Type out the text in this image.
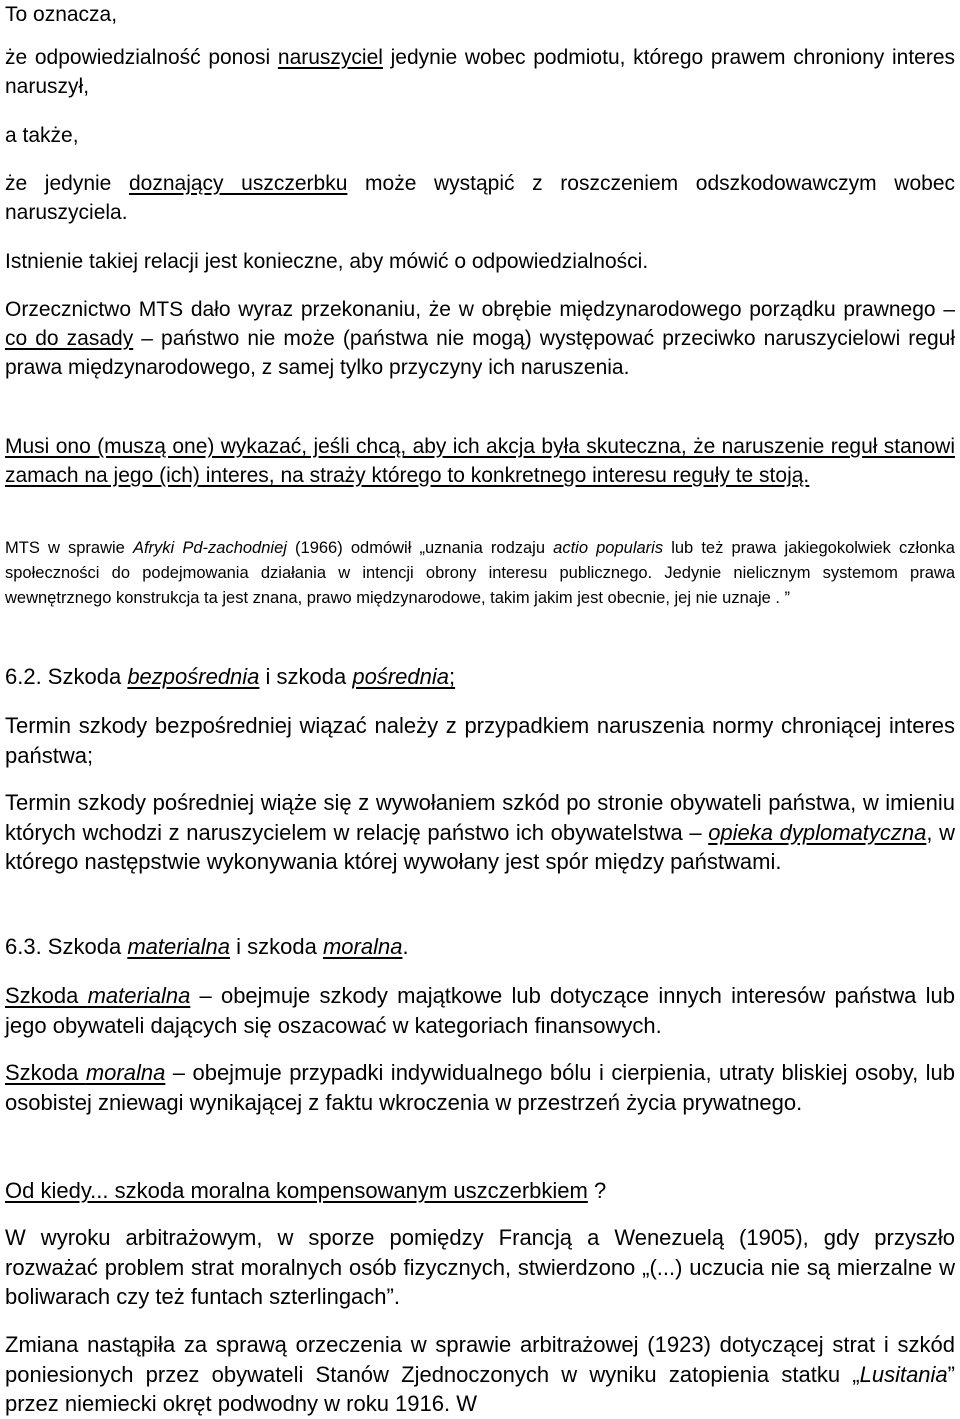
To oznacza,

że odpowiedzialność ponosi naruszyciel jedynie wobec podmiotu, którego prawem chroniony interes naruszył,

a także,

że jedynie doznający uszczerbku może wystąpić z roszczeniem odszkodowawczym wobec naruszyciela.

Istnienie takiej relacji jest konieczne, aby mówić o odpowiedzialności.

Orzecznictwo MTS dało wyraz przekonaniu, że w obrębie międzynarodowego porządku prawnego – co do zasady – państwo nie może (państwa nie mogą) występować przeciwko naruszycielowi reguł prawa międzynarodowego, z samej tylko przyczyny ich naruszenia.

Musi ono (muszą one) wykazać, jeśli chcą, aby ich akcja była skuteczna, że naruszenie reguł stanowi zamach na jego (ich) interes, na straży którego to konkretnego interesu reguły te stoją.

MTS w sprawie Afryki Pd-zachodniej (1966) odmówił „uznania rodzaju actio popularis lub też prawa jakiegokolwiek członka społeczności do podejmowania działania w intencji obrony interesu publicznego. Jedynie nielicznym systemom prawa wewnętrznego konstrukcja ta jest znana, prawo międzynarodowe, takim jakim jest obecnie, jej nie uznaje . ”

6.2. Szkoda bezpośrednia i szkoda pośrednia;

Termin szkody bezpośredniej wiązać należy z przypadkiem naruszenia normy chroniącej interes państwa;

Termin szkody pośredniej wiąże się z wywołaniem szkód po stronie obywateli państwa, w imieniu których wchodzi z naruszycielem w relację państwo ich obywatelstwa – opieka dyplomatyczna, w którego następstwie wykonywania której wywołany jest spór między państwami.

6.3. Szkoda materialna i szkoda moralna.

Szkoda materialna – obejmuje szkody majątkowe lub dotyczące innych interesów państwa lub jego obywateli dających się oszacować w kategoriach finansowych.

Szkoda moralna – obejmuje przypadki indywidualnego bólu i cierpienia, utraty bliskiej osoby, lub osobistej zniewagi wynikającej z faktu wkroczenia w przestrzeń życia prywatnego.

Od kiedy... szkoda moralna kompensowanym uszczerbkiem ?

W wyroku arbitrażowym, w sporze pomiędzy Francją a Wenezuelą (1905), gdy przyszło rozważać problem strat moralnych osób fizycznych, stwierdzono „(...) uczucia nie są mierzalne w boliwarach czy też funtach szterlingach”.

Zmiana nastąpiła za sprawą orzeczenia w sprawie arbitrażowej (1923) dotyczącej strat i szkód poniesionych przez obywateli Stanów Zjednoczonych w wyniku zatopienia statku „Lusitania” przez niemiecki okręt podwodny w roku 1916. W
